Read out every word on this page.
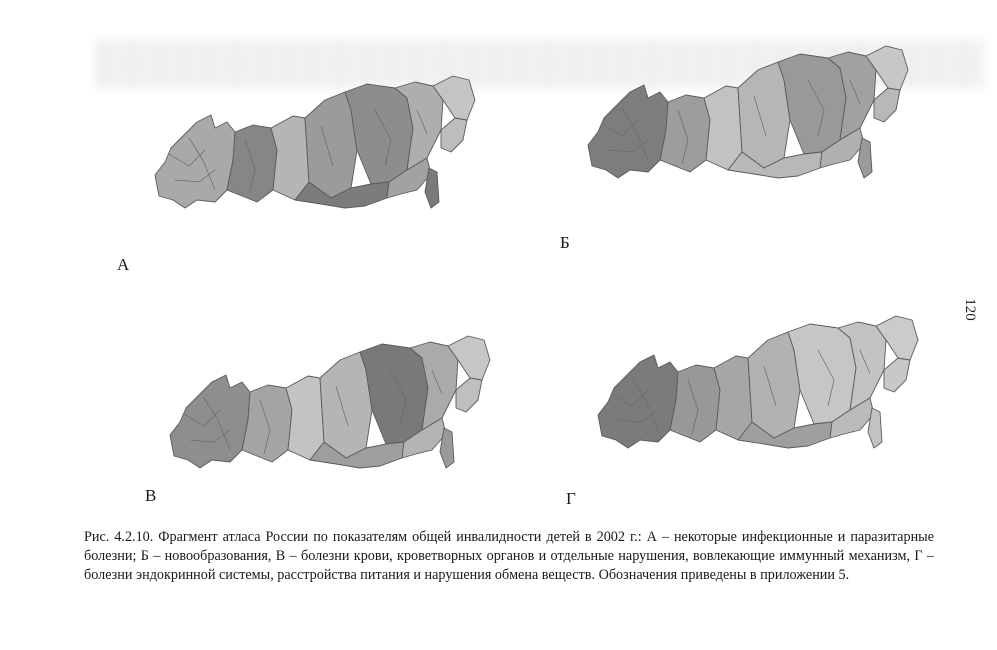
А
Б
В	Г
120
Рис. 4.2.10. Фрагмент атласа России по показателям общей инвалидности детей в 2002 г.: А – некоторые инфекционные и паразитарные болезни; Б – новообразования, В – болезни крови, кроветворных органов и отдельные нарушения, вовлекающие иммунный механизм, Г – болезни эндокринной системы, расстройства питания и нарушения обмена веществ. Обозначения приведены в приложении 5.
